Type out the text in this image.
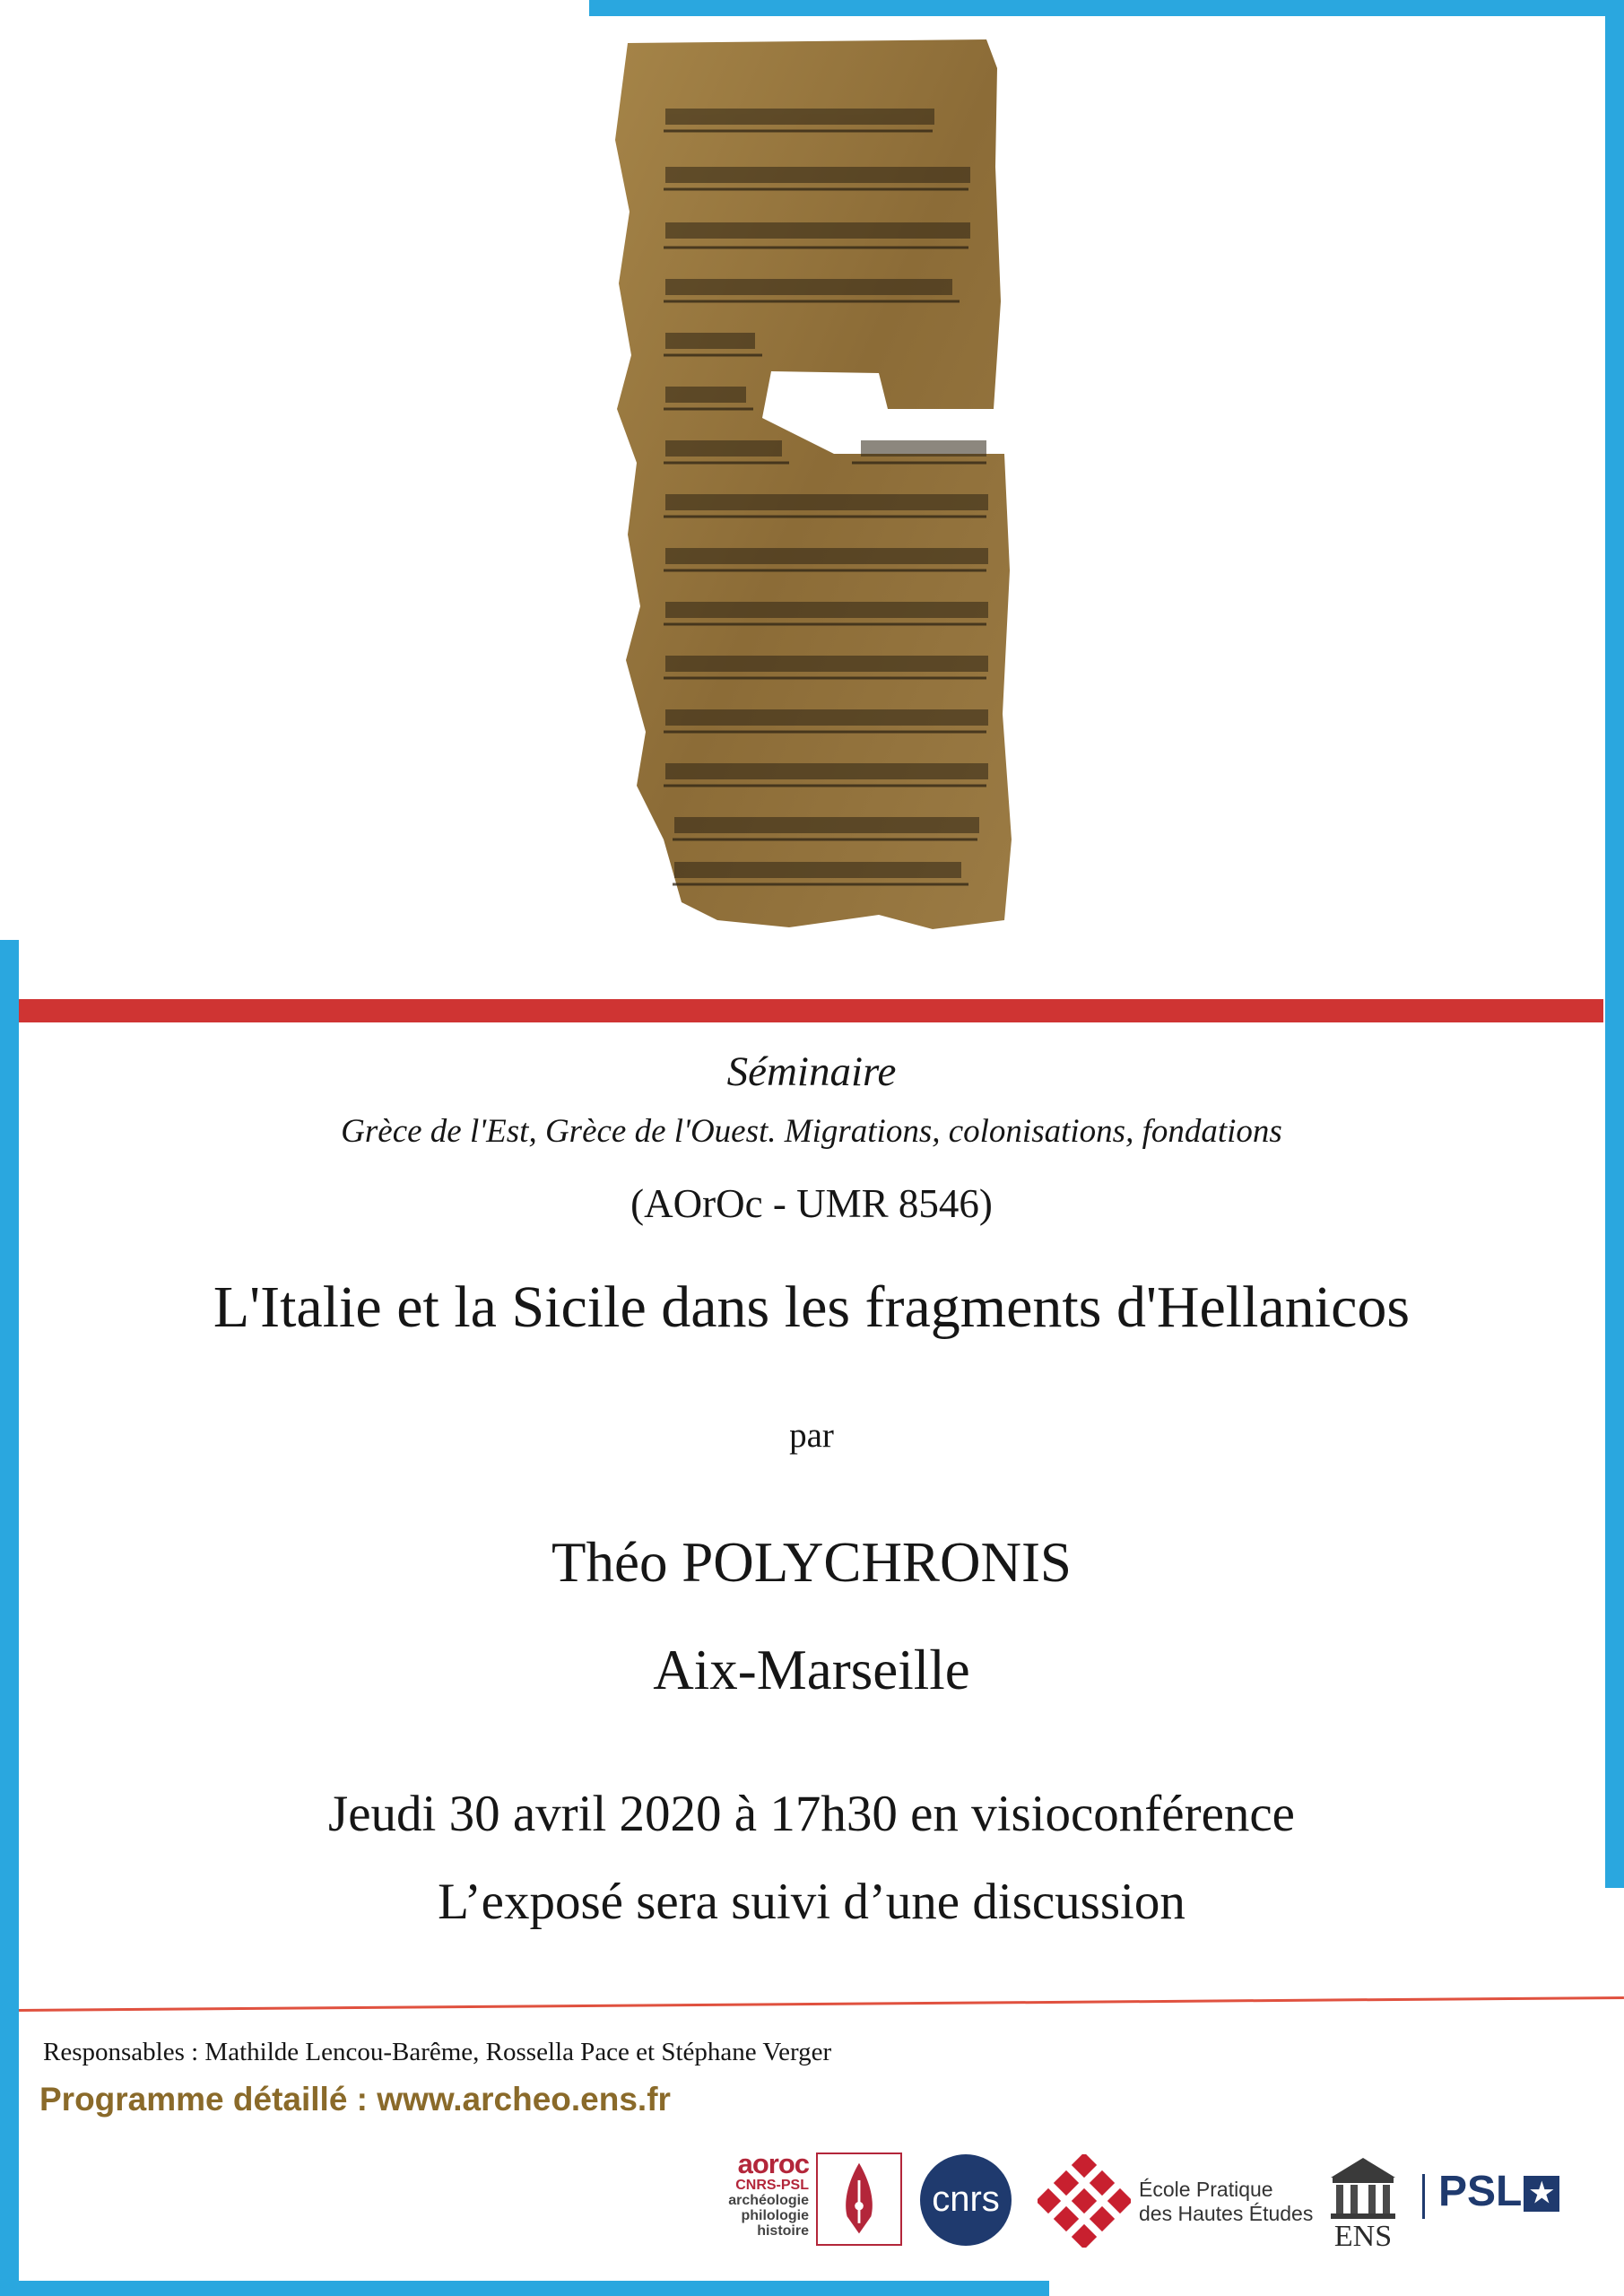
Séminaire
Grèce de l'Est, Grèce de l'Ouest. Migrations, colonisations, fondations
(AOrOc - UMR 8546)
L'Italie et la Sicile dans les fragments d'Hellanicos
par
Théo POLYCHRONIS
Aix-Marseille
Jeudi 30 avril 2020 à 17h30 en visioconférence
L’exposé sera suivi d’une discussion
Responsables : Mathilde Lencou-Barême, Rossella Pace et Stéphane Verger
Programme détaillé : www.archeo.ens.fr
aoroc
CNRS-PSL
archéologie
philologie
histoire
cnrs	École Pratique
des Hautes Études
ENS
PSL ★
